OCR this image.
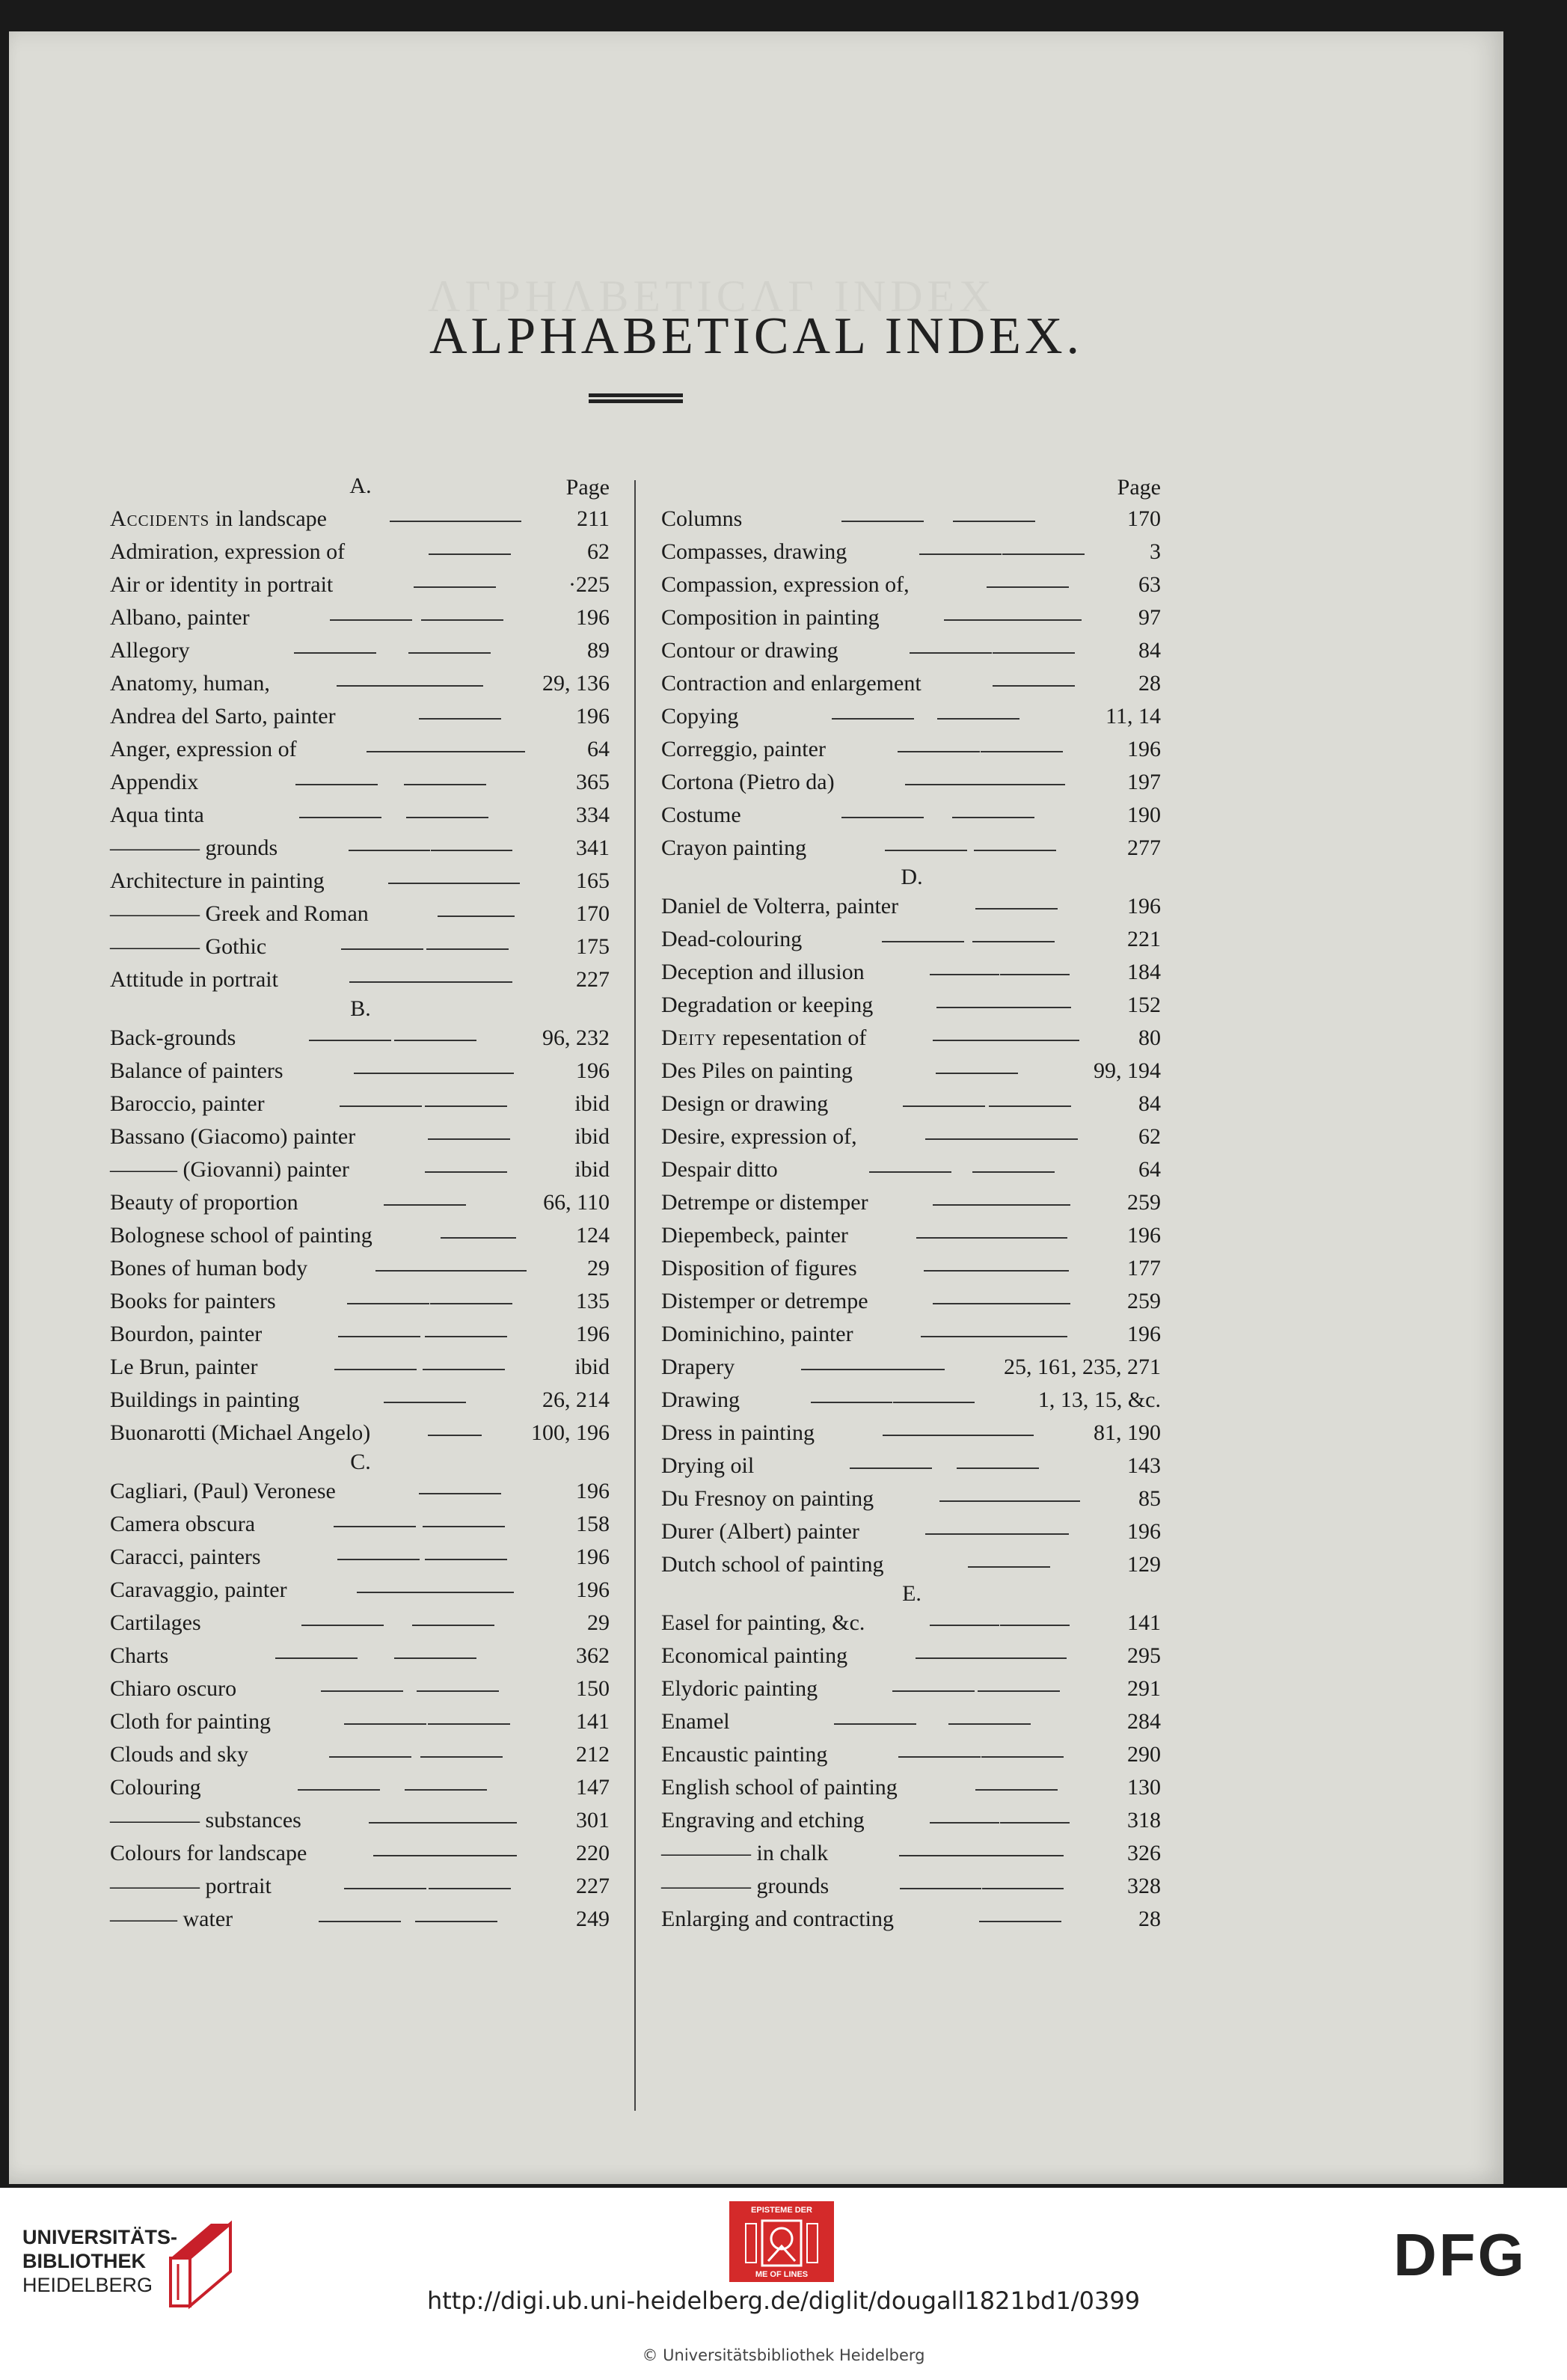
ALPHABETICAL INDEX.
A.	Page
Accidents in landscape	211
Admiration, expression of	62
Air or identity in portrait	·225
Albano, painter	196
Allegory	89
Anatomy, human,	29, 136
Andrea del Sarto, painter	196
Anger, expression of	64
Appendix	365
Aqua tinta	334
———— grounds	341
Architecture in painting	165
———— Greek and Roman	170
———— Gothic	175
Attitude in portrait	227
B.
Back-grounds	96, 232
Balance of painters	196
Baroccio, painter	ibid
Bassano (Giacomo) painter	ibid
——— (Giovanni) painter	ibid
Beauty of proportion	66, 110
Bolognese school of painting	124
Bones of human body	29
Books for painters	135
Bourdon, painter	196
Le Brun, painter	ibid
Buildings in painting	26, 214
Buonarotti (Michael Angelo)	100, 196
C.
Cagliari, (Paul) Veronese	196
Camera obscura	158
Caracci, painters	196
Caravaggio, painter	196
Cartilages	29
Charts	362
Chiaro oscuro	150
Cloth for painting	141
Clouds and sky	212
Colouring	147
———— substances	301
Colours for landscape	220
———— portrait	227
——— water	249
Page
Columns	170
Compasses, drawing	3
Compassion, expression of,	63
Composition in painting	97
Contour or drawing	84
Contraction and enlargement	28
Copying	11, 14
Correggio, painter	196
Cortona (Pietro da)	197
Costume	190
Crayon painting	277
D.
Daniel de Volterra, painter	196
Dead-colouring	221
Deception and illusion	184
Degradation or keeping	152
Deity repesentation of	80
Des Piles on painting	99, 194
Design or drawing	84
Desire, expression of,	62
Despair ditto	64
Detrempe or distemper	259
Diepembeck, painter	196
Disposition of figures	177
Distemper or detrempe	259
Dominichino, painter	196
Drapery	25, 161, 235, 271
Drawing	1, 13, 15, &c.
Dress in painting	81, 190
Drying oil	143
Du Fresnoy on painting	85
Durer (Albert) painter	196
Dutch school of painting	129
E.
Easel for painting, &c.	141
Economical painting	295
Elydoric painting	291
Enamel	284
Encaustic painting	290
English school of painting	130
Engraving and etching	318
———— in chalk	326
———— grounds	328
Enlarging and contracting	28
UNIVERSITÄTS-
BIBLIOTHEK
HEIDELBERG
EPISTEME DER
ME OF LINES	DFG
http://digi.ub.uni-heidelberg.de/diglit/dougall1821bd1/0399
© Universitätsbibliothek Heidelberg
